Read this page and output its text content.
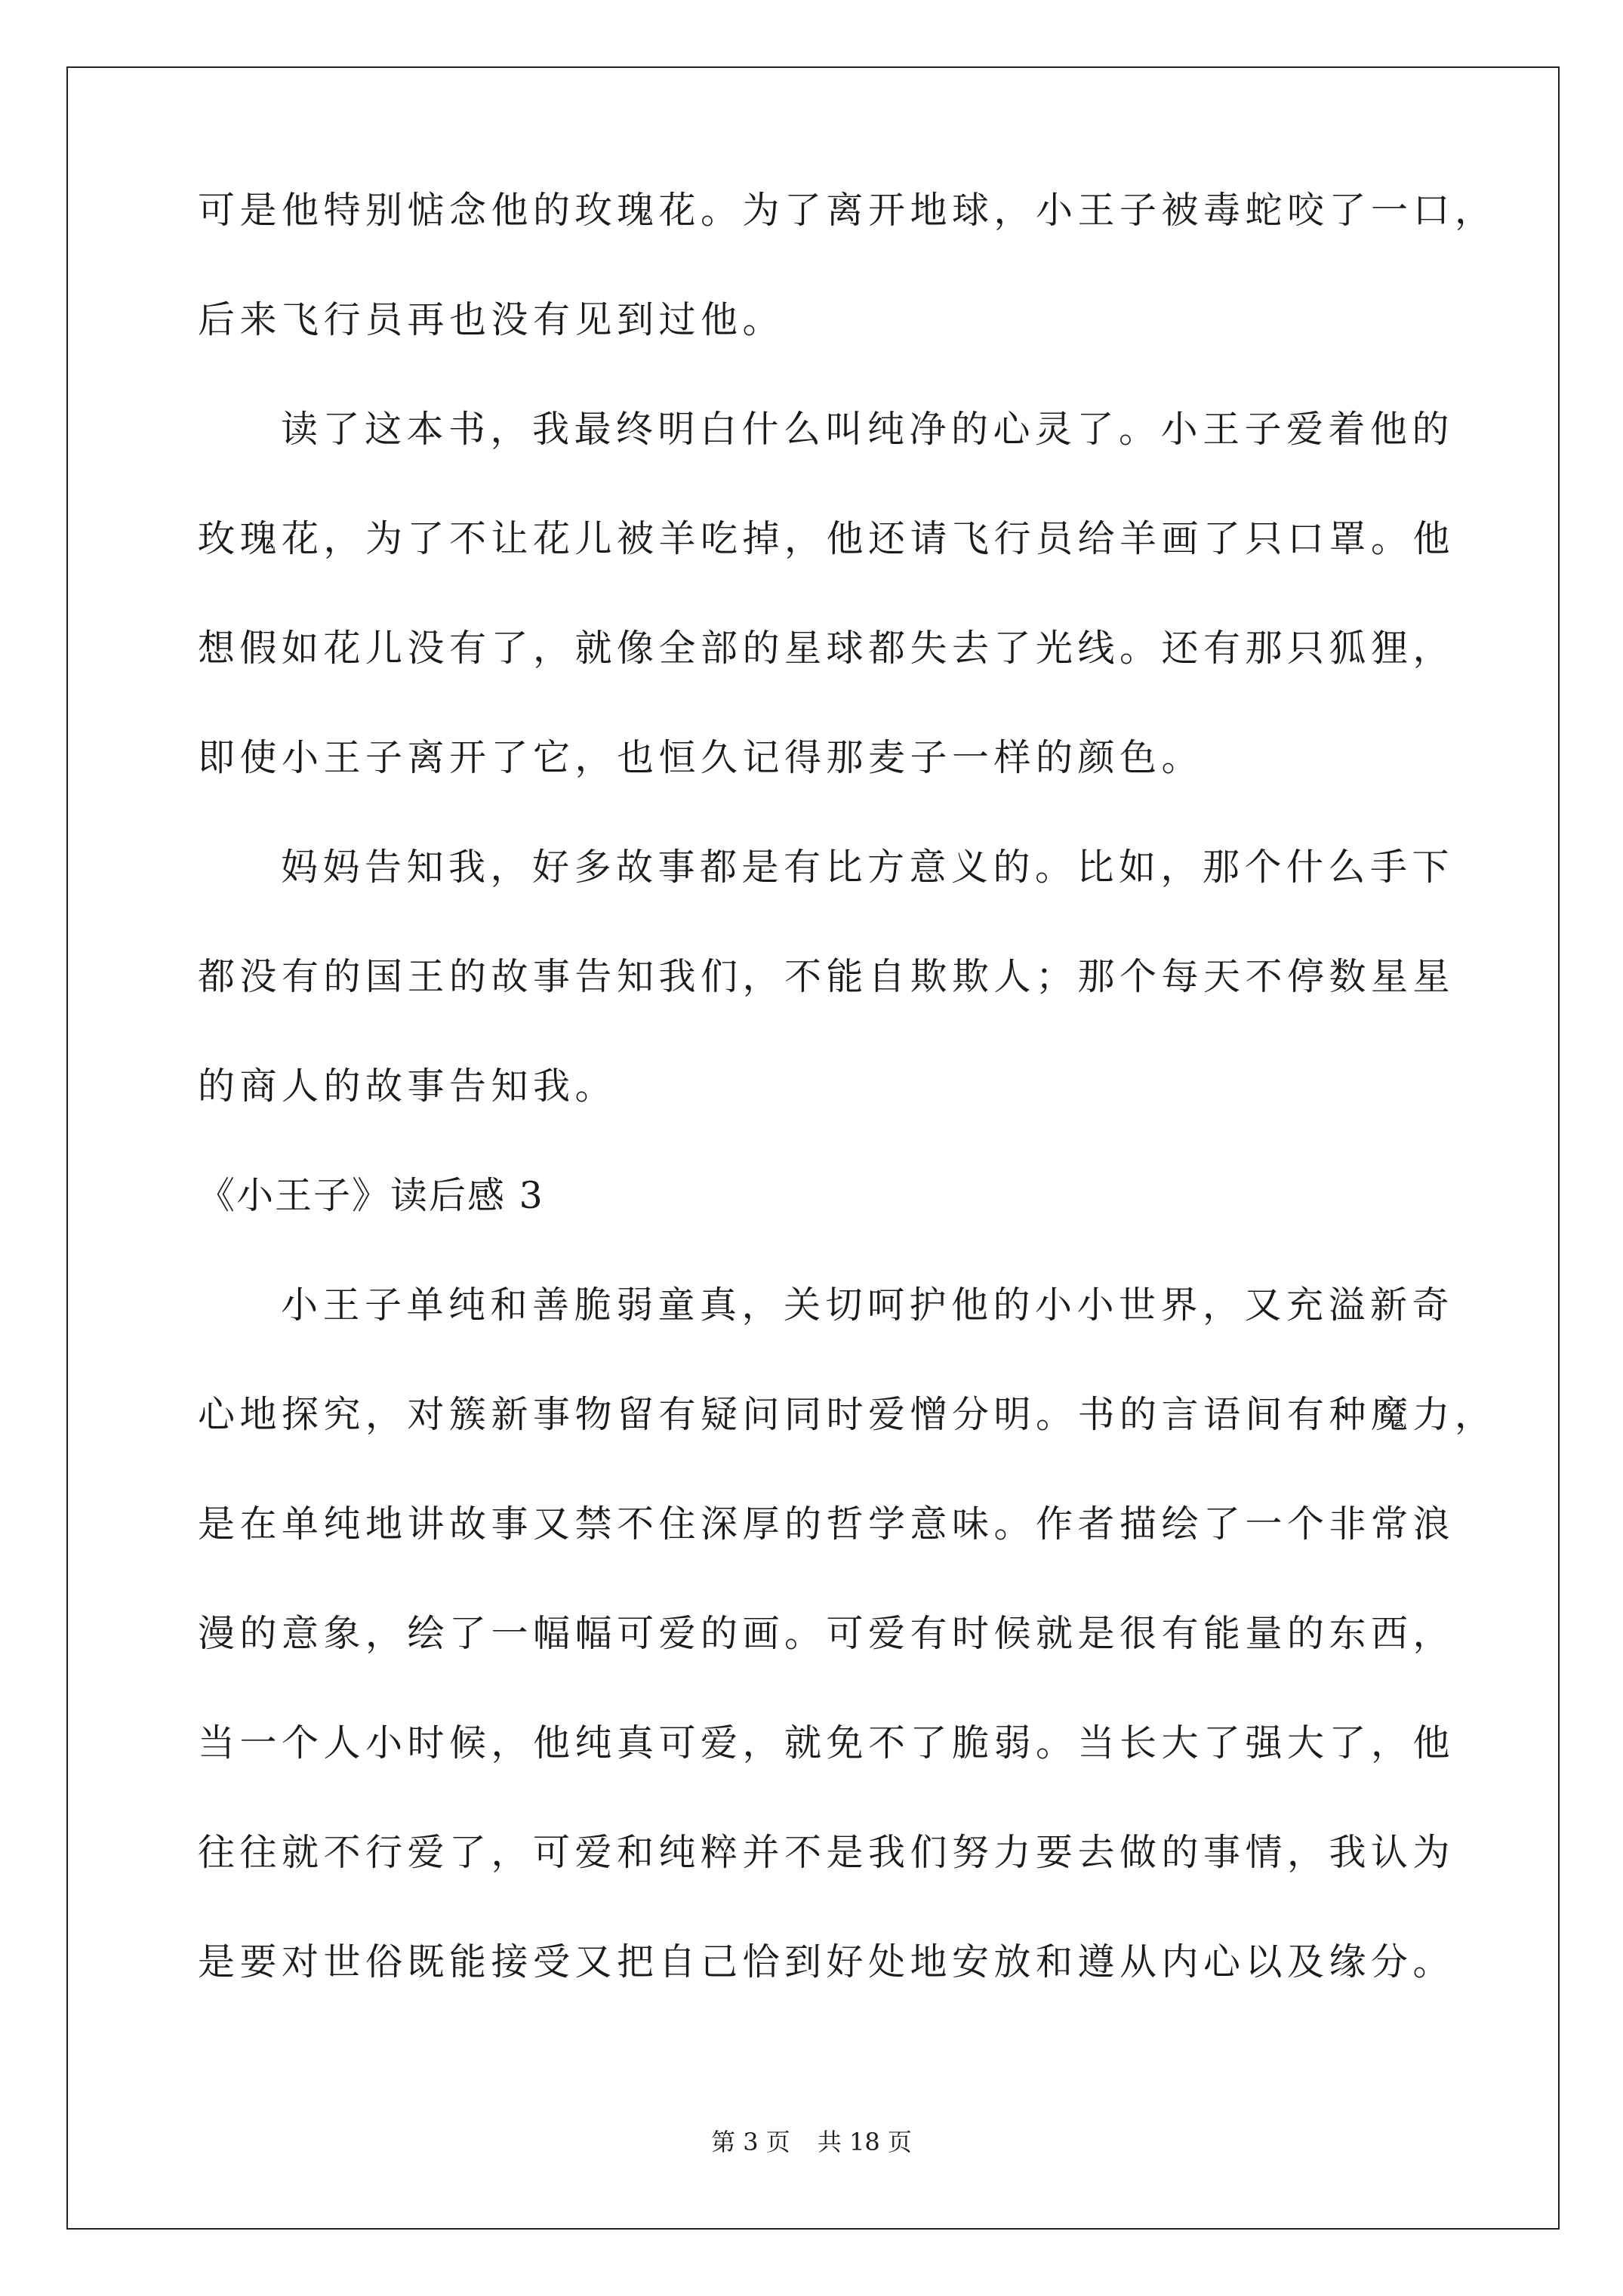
可是他特别惦念他的玫瑰花。为了离开地球，小王子被毒蛇咬了一口，

后来飞行员再也没有见到过他。

读了这本书，我最终明白什么叫纯净的心灵了。小王子爱着他的

玫瑰花，为了不让花儿被羊吃掉，他还请飞行员给羊画了只口罩。他

想假如花儿没有了，就像全部的星球都失去了光线。还有那只狐狸，

即使小王子离开了它，也恒久记得那麦子一样的颜色。

妈妈告知我，好多故事都是有比方意义的。比如，那个什么手下

都没有的国王的故事告知我们，不能自欺欺人；那个每天不停数星星

的商人的故事告知我。

《小王子》读后感 3

小王子单纯和善脆弱童真，关切呵护他的小小世界，又充溢新奇

心地探究，对簇新事物留有疑问同时爱憎分明。书的言语间有种魔力，

是在单纯地讲故事又禁不住深厚的哲学意味。作者描绘了一个非常浪

漫的意象，绘了一幅幅可爱的画。可爱有时候就是很有能量的东西，

当一个人小时候，他纯真可爱，就免不了脆弱。当长大了强大了，他

往往就不行爱了，可爱和纯粹并不是我们努力要去做的事情，我认为

是要对世俗既能接受又把自己恰到好处地安放和遵从内心以及缘分。

第 3 页 共 18 页
